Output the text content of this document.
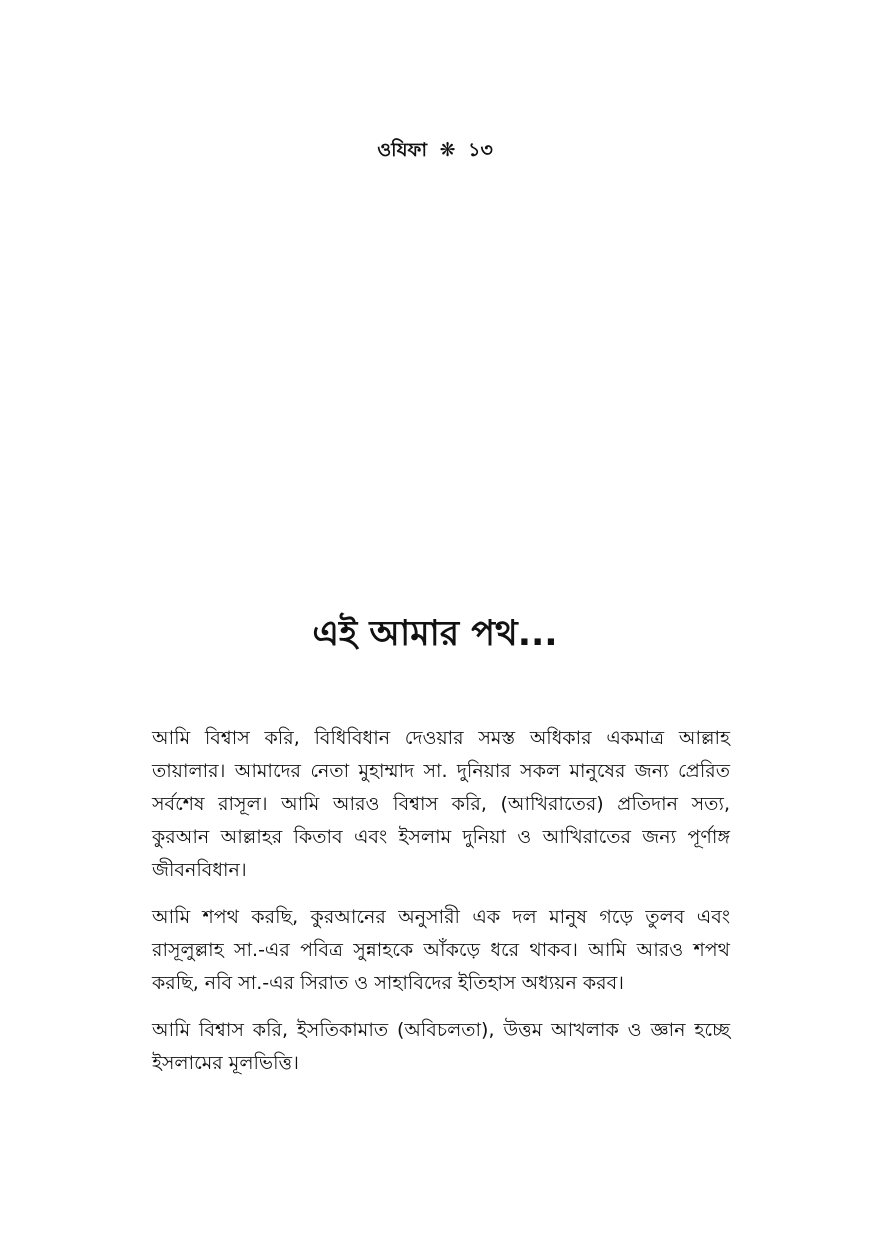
ওযিফা ❋ ১৩
এই আমার পথ...

আমি বিশ্বাস করি, বিধিবিধান দেওয়ার সমস্ত অধিকার একমাত্র আল্লাহ তায়ালার। আমাদের নেতা মুহাম্মাদ সা. দুনিয়ার সকল মানুষের জন্য প্রেরিত সর্বশেষ রাসূল। আমি আরও বিশ্বাস করি, (আখিরাতের) প্রতিদান সত্য, কুরআন আল্লাহর কিতাব এবং ইসলাম দুনিয়া ও আখিরাতের জন্য পূর্ণাঙ্গ জীবনবিধান।

আমি শপথ করছি, কুরআনের অনুসারী এক দল মানুষ গড়ে তুলব এবং রাসূলুল্লাহ সা.-এর পবিত্র সুন্নাহকে আঁকড়ে ধরে থাকব। আমি আরও শপথ করছি, নবি সা.-এর সিরাত ও সাহাবিদের ইতিহাস অধ্যয়ন করব।

আমি বিশ্বাস করি, ইসতিকামাত (অবিচলতা), উত্তম আখলাক ও জ্ঞান হচ্ছে ইসলামের মূলভিত্তি।
